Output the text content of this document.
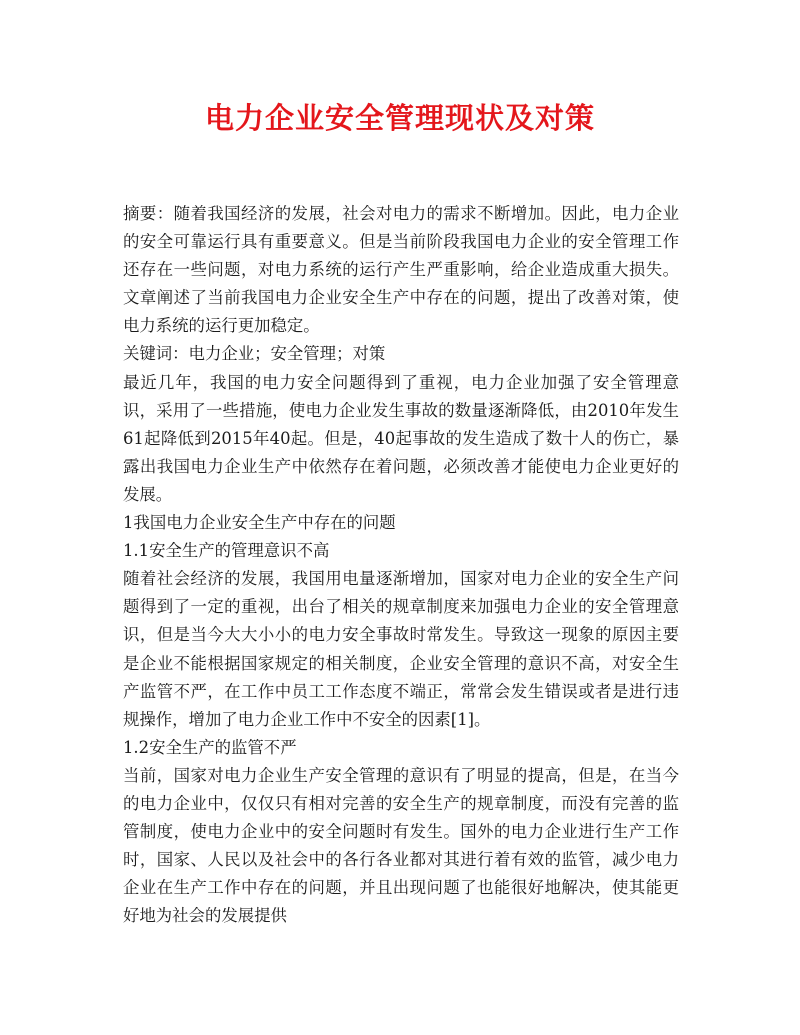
电力企业安全管理现状及对策

摘要：随着我国经济的发展，社会对电力的需求不断增加。因此，电力企业的安全可靠运行具有重要意义。但是当前阶段我国电力企业的安全管理工作还存在一些问题，对电力系统的运行产生严重影响，给企业造成重大损失。文章阐述了当前我国电力企业安全生产中存在的问题，提出了改善对策，使电力系统的运行更加稳定。

关键词：电力企业；安全管理；对策

最近几年，我国的电力安全问题得到了重视，电力企业加强了安全管理意识，采用了一些措施，使电力企业发生事故的数量逐渐降低，由2010年发生61起降低到2015年40起。但是，40起事故的发生造成了数十人的伤亡，暴露出我国电力企业生产中依然存在着问题，必须改善才能使电力企业更好的发展。

1我国电力企业安全生产中存在的问题

1.1安全生产的管理意识不高

随着社会经济的发展，我国用电量逐渐增加，国家对电力企业的安全生产问题得到了一定的重视，出台了相关的规章制度来加强电力企业的安全管理意识，但是当今大大小小的电力安全事故时常发生。导致这一现象的原因主要是企业不能根据国家规定的相关制度，企业安全管理的意识不高，对安全生产监管不严，在工作中员工工作态度不端正，常常会发生错误或者是进行违规操作，增加了电力企业工作中不安全的因素[1]。

1.2安全生产的监管不严

当前，国家对电力企业生产安全管理的意识有了明显的提高，但是，在当今的电力企业中，仅仅只有相对完善的安全生产的规章制度，而没有完善的监管制度，使电力企业中的安全问题时有发生。国外的电力企业进行生产工作时，国家、人民以及社会中的各行各业都对其进行着有效的监管，减少电力企业在生产工作中存在的问题，并且出现问题了也能很好地解决，使其能更好地为社会的发展提供
